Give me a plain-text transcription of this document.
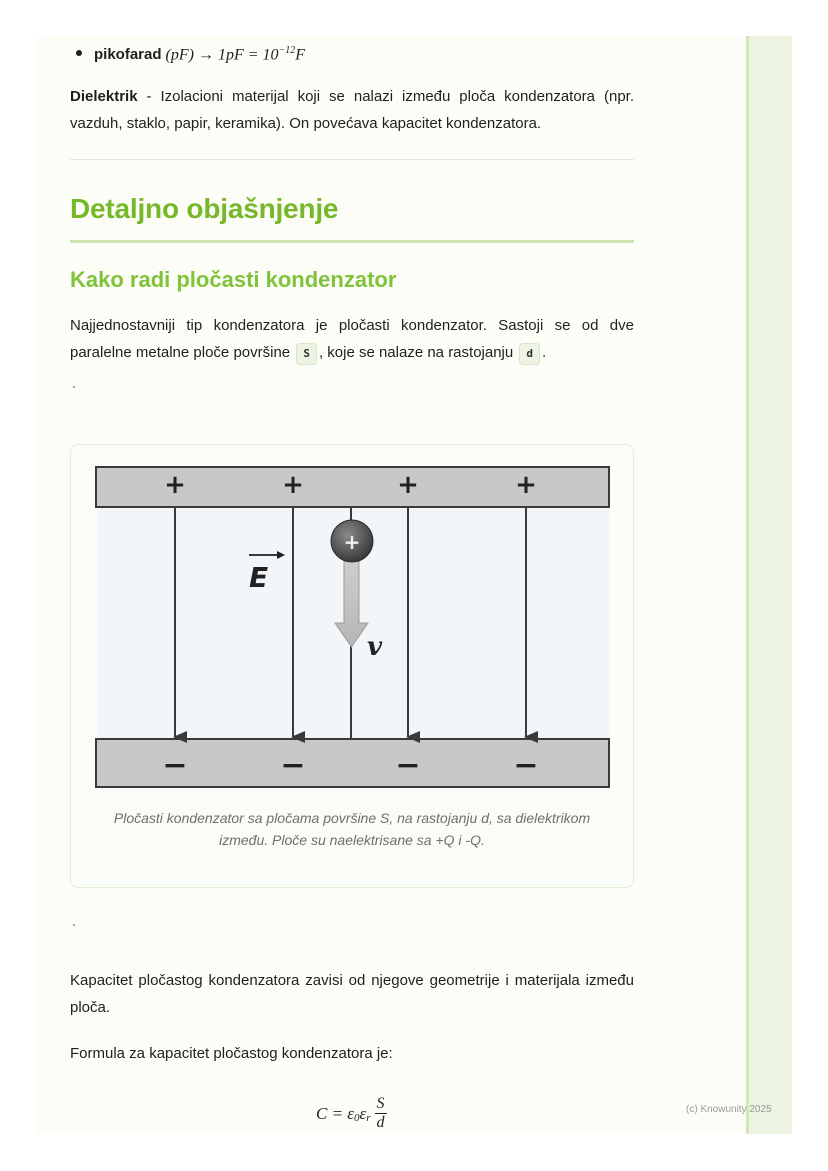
pikofarad $(pF) \to 1pF = 10^{-12}F$

Dielektrik - Izolacioni materijal koji se nalazi između ploča kondenzatora (npr. vazduh, staklo, papir, keramika). On povećava kapacitet kondenzatora.

Detaljno objašnjenje
Kako radi pločasti kondenzator

Najjednostavniji tip kondenzatora je pločasti kondenzator. Sastoji se od dve paralelne metalne ploče površine S , koje se nalaze na rastojanju d .

`
+	+	+	+
−	−	−	−
+
E
v
Pločasti kondenzator sa pločama površine S, na rastojanju d, sa dielektrikom između. Ploče su naelektrisane sa +Q i -Q.
`

Kapacitet pločastog kondenzatora zavisi od njegove geometrije i materijala između ploča.

Formula za kapacitet pločastog kondenzatora je:

C = ε 0 ε r $\frac{S}{d}$	(c) Knowunity 2025
